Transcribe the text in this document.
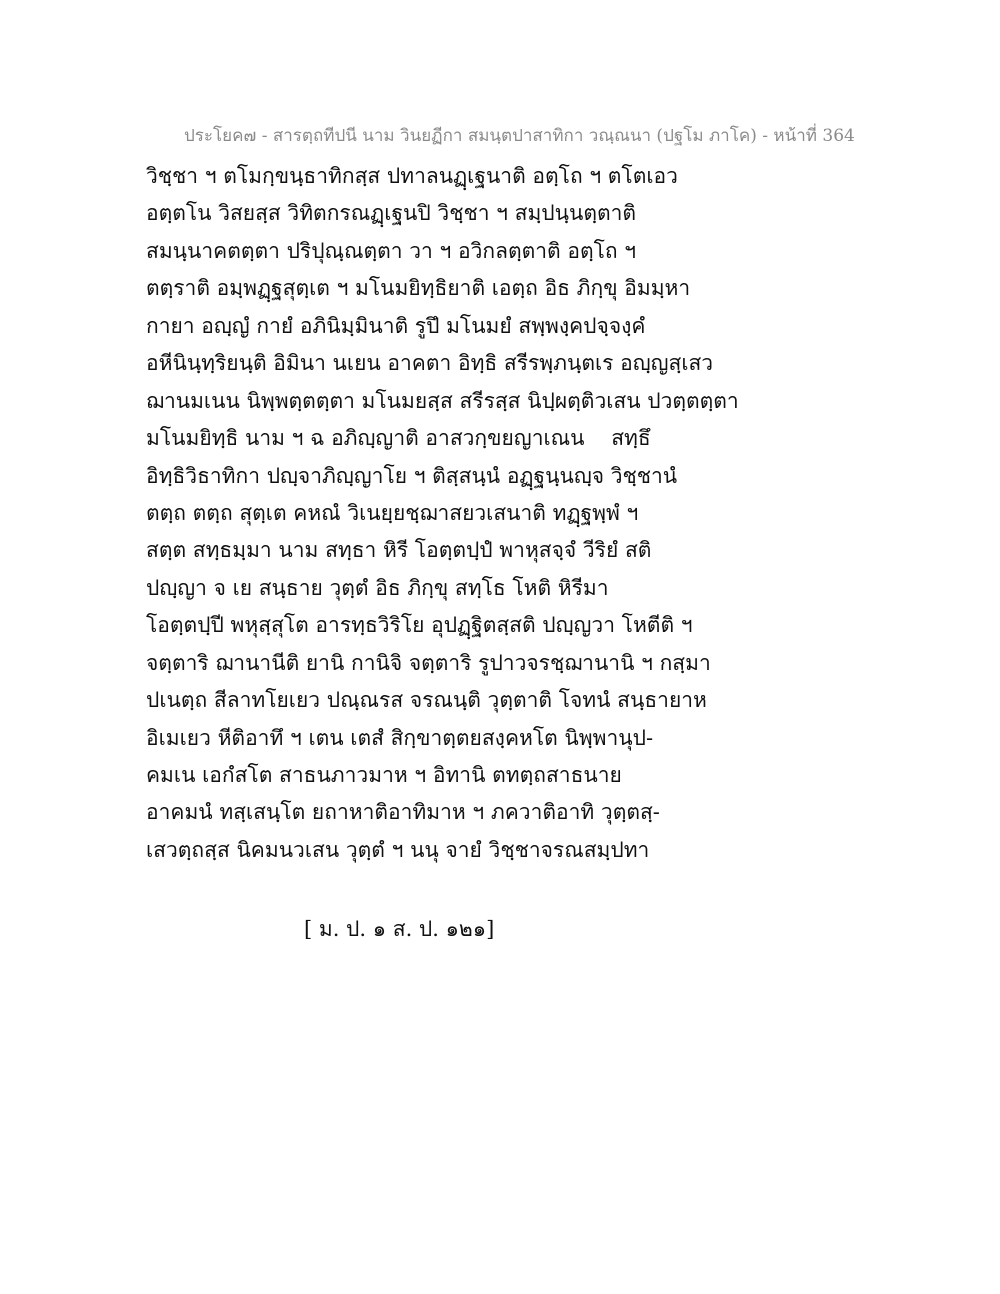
ประโยค๗ - สารตฺถทีปนี นาม วินยฏีกา สมนฺตปาสาทิกา วณฺณนา (ปฐโม ภาโค) - หน้าที่ 364
วิชฺชา ฯ ตโมกฺขนฺธาทิกสฺส ปทาลนฏฺเฐนาติ อตฺโถ ฯ ตโตเอว
อตฺตโน วิสยสฺส วิทิตกรณฏฺเฐนปิ วิชฺชา ฯ สมฺปนฺนตฺตาติ
สมนฺนาคตตฺตา ปริปุณฺณตฺตา วา ฯ อวิกลตฺตาติ อตฺโถ ฯ
ตตฺราติ อมฺพฏฺฐสุตฺเต ฯ มโนมยิทฺธิยาติ เอตฺถ อิธ ภิกฺขุ อิมมฺหา
กายา อญฺญํ กายํ อภินิมฺมินาติ รูปึ มโนมยํ สพฺพงฺคปจฺจงฺคํ
อหีนินฺทฺริยนฺติ อิมินา นเยน อาคตา อิทฺธิ สรีรพฺภนฺตเร อญฺญสฺเสว
ฌานมเนน นิพฺพตฺตตฺตา มโนมยสฺส สรีรสฺส นิปฺผตฺติวเสน ปวตฺตตฺตา
มโนมยิทฺธิ นาม ฯ ฉ อภิญฺญาติ อาสวกฺขยญาเณน    สทฺธึ
อิทฺธิวิธาทิกา ปญฺจาภิญฺญาโย ฯ ติสฺสนฺนํ อฏฺฐนฺนญฺจ วิชฺชานํ
ตตฺถ ตตฺถ สุตฺเต คหณํ วิเนยฺยชฺฌาสยวเสนาติ ทฏฺฐพฺพํ ฯ
สตฺต สทฺธมฺมา นาม สทฺธา หิรี โอตฺตปฺปํ พาหุสจฺจํ วีริยํ สติ
ปญฺญา จ เย สนฺธาย วุตฺตํ อิธ ภิกฺขุ สทฺโธ โหติ หิรีมา
โอตฺตปฺปี พหุสฺสุโต อารทฺธวิริโย อุปฏฺฐิตสฺสติ ปญฺญวา โหตีติ ฯ
จตฺตาริ ฌานานีติ ยานิ กานิจิ จตฺตาริ รูปาวจรชฺฌานานิ ฯ กสฺมา
ปเนตฺถ สีลาทโยเยว ปณฺณรส จรณนฺติ วุตฺตาติ โจทนํ สนฺธายาห
อิเมเยว หีติอาทึ ฯ เตน เตสํ สิกฺขาตฺตยสงฺคหโต นิพฺพานุป-
คมเน เอกํสโต สาธนภาวมาห ฯ อิทานิ ตทตฺถสาธนาย
อาคมนํ ทสฺเสนฺโต ยถาหาติอาทิมาห ฯ ภควาติอาทิ วุตฺตสฺ-
เสวตฺถสฺส นิคมนวเสน วุตฺตํ ฯ นนุ จายํ วิชฺชาจรณสมฺปทา
[ ม. ป. ๑ ส. ป. ๑๒๑]
